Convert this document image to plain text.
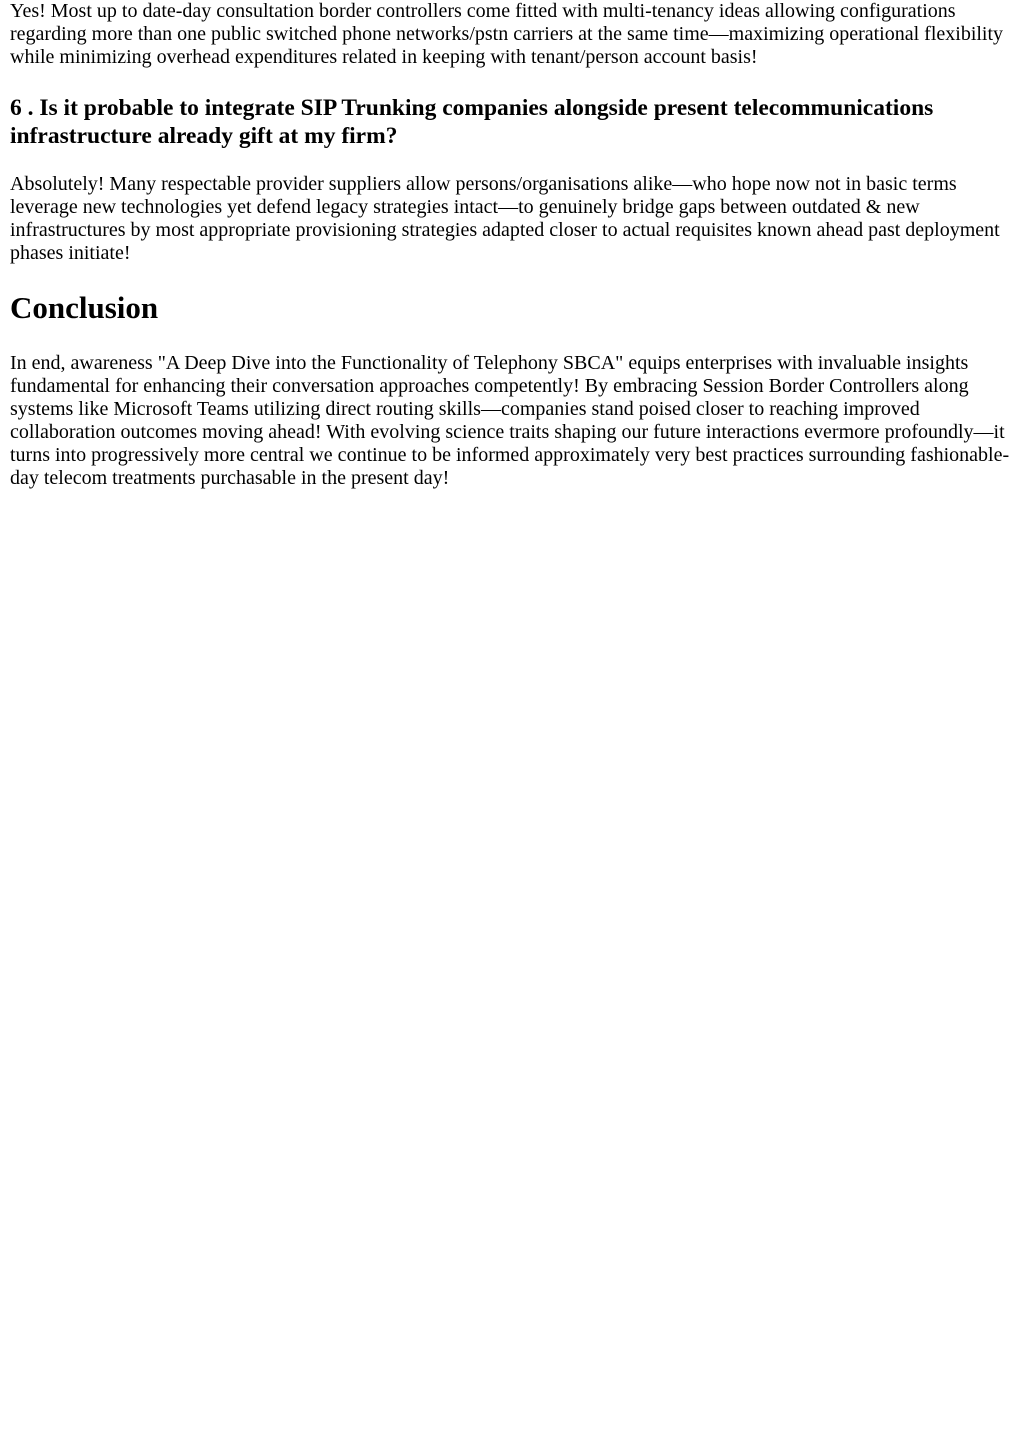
Yes! Most up to date-day consultation border controllers come fitted with multi-tenancy ideas allowing configurations regarding more than one public switched phone networks/pstn carriers at the same time—maximizing operational flexibility while minimizing overhead expenditures related in keeping with tenant/person account basis!

6 . Is it probable to integrate SIP Trunking companies alongside present telecommunications infrastructure already gift at my firm?

Absolutely! Many respectable provider suppliers allow persons/organisations alike—who hope now not in basic terms leverage new technologies yet defend legacy strategies intact—to genuinely bridge gaps between outdated & new infrastructures by most appropriate provisioning strategies adapted closer to actual requisites known ahead past deployment phases initiate!

Conclusion

In end, awareness "A Deep Dive into the Functionality of Telephony SBCA" equips enterprises with invaluable insights fundamental for enhancing their conversation approaches competently! By embracing Session Border Controllers along systems like Microsoft Teams utilizing direct routing skills—companies stand poised closer to reaching improved collaboration outcomes moving ahead! With evolving science traits shaping our future interactions evermore profoundly—it turns into progressively more central we continue to be informed approximately very best practices surrounding fashionable-day telecom treatments purchasable in the present day!
